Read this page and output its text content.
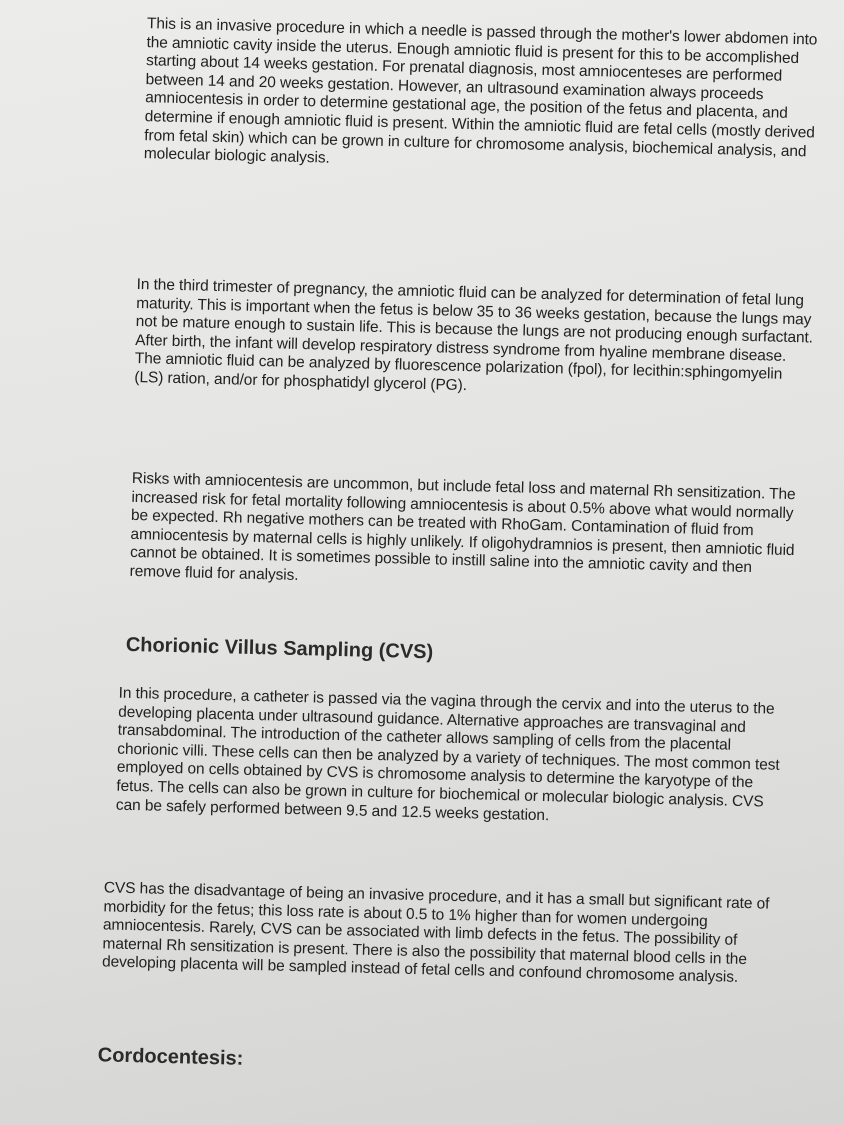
This is an invasive procedure in which a needle is passed through the mother's lower abdomen into the amniotic cavity inside the uterus. Enough amniotic fluid is present for this to be accomplished starting about 14 weeks gestation. For prenatal diagnosis, most amniocenteses are performed between 14 and 20 weeks gestation. However, an ultrasound examination always proceeds amniocentesis in order to determine gestational age, the position of the fetus and placenta, and determine if enough amniotic fluid is present. Within the amniotic fluid are fetal cells (mostly derived from fetal skin) which can be grown in culture for chromosome analysis, biochemical analysis, and molecular biologic analysis.

In the third trimester of pregnancy, the amniotic fluid can be analyzed for determination of fetal lung maturity. This is important when the fetus is below 35 to 36 weeks gestation, because the lungs may not be mature enough to sustain life. This is because the lungs are not producing enough surfactant. After birth, the infant will develop respiratory distress syndrome from hyaline membrane disease. The amniotic fluid can be analyzed by fluorescence polarization (fpol), for lecithin:sphingomyelin (LS) ration, and/or for phosphatidyl glycerol (PG).

Risks with amniocentesis are uncommon, but include fetal loss and maternal Rh sensitization. The increased risk for fetal mortality following amniocentesis is about 0.5% above what would normally be expected. Rh negative mothers can be treated with RhoGam. Contamination of fluid from amniocentesis by maternal cells is highly unlikely. If oligohydramnios is present, then amniotic fluid cannot be obtained. It is sometimes possible to instill saline into the amniotic cavity and then remove fluid for analysis.

Chorionic Villus Sampling (CVS)

In this procedure, a catheter is passed via the vagina through the cervix and into the uterus to the developing placenta under ultrasound guidance. Alternative approaches are transvaginal and transabdominal. The introduction of the catheter allows sampling of cells from the placental chorionic villi. These cells can then be analyzed by a variety of techniques. The most common test employed on cells obtained by CVS is chromosome analysis to determine the karyotype of the fetus. The cells can also be grown in culture for biochemical or molecular biologic analysis. CVS can be safely performed between 9.5 and 12.5 weeks gestation.

CVS has the disadvantage of being an invasive procedure, and it has a small but significant rate of morbidity for the fetus; this loss rate is about 0.5 to 1% higher than for women undergoing amniocentesis. Rarely, CVS can be associated with limb defects in the fetus. The possibility of maternal Rh sensitization is present. There is also the possibility that maternal blood cells in the developing placenta will be sampled instead of fetal cells and confound chromosome analysis.

Cordocentesis:
